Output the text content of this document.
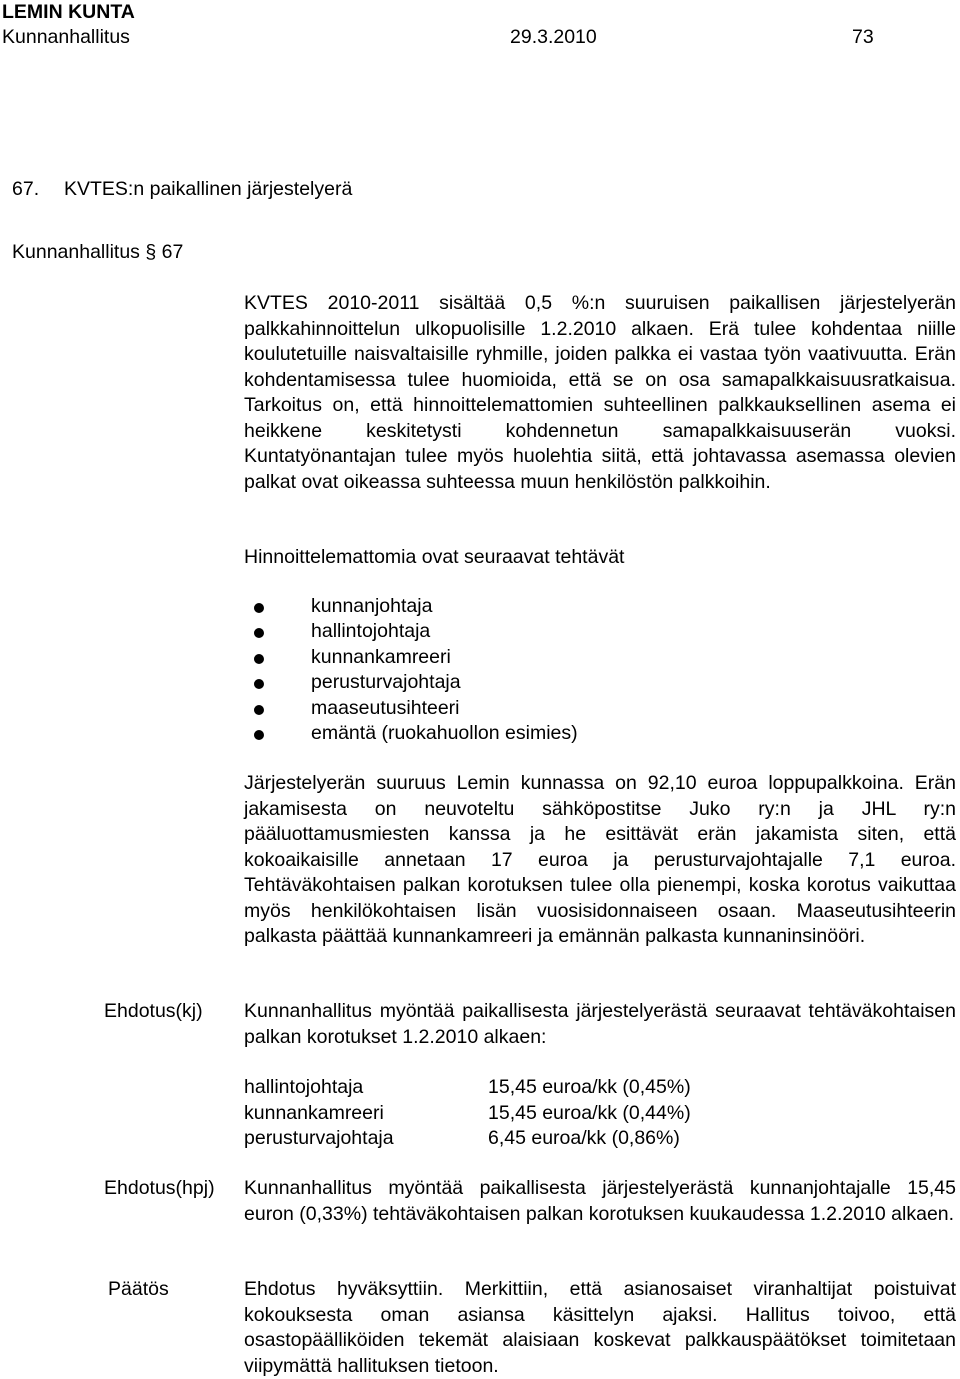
LEMIN KUNTA
Kunnanhallitus	29.3.2010	73
67. KVTES:n paikallinen järjestelyerä
Kunnanhallitus § 67
KVTES 2010-2011 sisältää 0,5 %:n suuruisen paikallisen järjestelyerän palkkahinnoittelun ulkopuolisille 1.2.2010 alkaen. Erä tulee kohdentaa niille koulutetuille naisvaltaisille ryhmille, joiden palkka ei vastaa työn vaativuutta. Erän kohdentamisessa tulee huomioida, että se on osa samapalkkaisuusratkaisua. Tarkoitus on, että hinnoittelemattomien suhteellinen palkkauksellinen asema ei heikkene keskitetysti kohdennetun samapalkkaisuuserän vuoksi. Kuntatyönantajan tulee myös huolehtia siitä, että johtavassa asemassa olevien palkat ovat oikeassa suhteessa muun henkilöstön palkkoihin.
Hinnoittelemattomia ovat seuraavat tehtävät
kunnanjohtaja
hallintojohtaja
kunnankamreeri
perusturvajohtaja
maaseutusihteeri
emäntä (ruokahuollon esimies)
Järjestelyerän suuruus Lemin kunnassa on 92,10 euroa loppupalkkoina. Erän jakamisesta on neuvoteltu sähköpostitse Juko ry:n ja JHL ry:n pääluottamusmiesten kanssa ja he esittävät erän jakamista siten, että kokoaikaisille annetaan 17 euroa ja perusturvajohtajalle 7,1 euroa. Tehtäväkohtaisen palkan korotuksen tulee olla pienempi, koska korotus vaikuttaa myös henkilökohtaisen lisän vuosisidonnaiseen osaan. Maaseutusihteerin palkasta päättää kunnankamreeri ja emännän palkasta kunnaninsinööri.
Ehdotus(kj) Kunnanhallitus myöntää paikallisesta järjestelyerästä seuraavat tehtäväkohtaisen palkan korotukset 1.2.2010 alkaen:
hallintojohtaja	15,45 euroa/kk (0,45%)
kunnankamreeri	15,45 euroa/kk (0,44%)
perusturvajohtaja	6,45 euroa/kk (0,86%)
Ehdotus(hpj) Kunnanhallitus myöntää paikallisesta järjestelyerästä kunnanjohtajalle 15,45 euron (0,33%) tehtäväkohtaisen palkan korotuksen kuukaudessa 1.2.2010 alkaen.
Päätös	Ehdotus hyväksyttiin. Merkittiin, että asianosaiset viranhaltijat poistuivat kokouksesta oman asiansa käsittelyn ajaksi. Hallitus toivoo, että osastopäälliköiden tekemät alaisiaan koskevat palkkauspäätökset toimitetaan viipymättä hallituksen tietoon.
